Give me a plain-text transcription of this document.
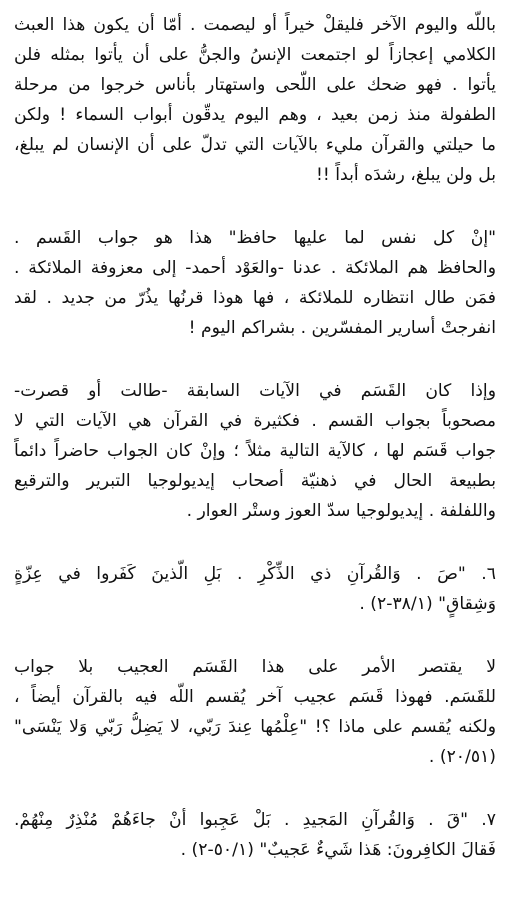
باللّه واليوم الآخر فليقلْ خيراً أو ليصمت . أمّا أن يكون هذا العبث
الكلامي إعجازاً لو اجتمعت الإنسُ والجنُّ على أن يأتوا بمثله فلن
يأتوا . فهو ضحك على اللّحى واستهتار بأناس خرجوا من مرحلة
الطفولة منذ زمن بعيد ، وهم اليوم يدقّون أبواب السماء ! ولكن
ما حيلتي والقرآن مليء بالآيات التي تدلّ على أن الإنسان لم يبلغ،
بل ولن يبلغ، رشدَه أبداً !!
"إنْ كل نفس لما عليها حافظ" هذا هو جواب القَسم .
والحافظ هم الملائكة . عدنا -والعَوْد أحمد- إلى معزوفة الملائكة .
فمَن طال انتظاره للملائكة ، فها هوذا قرنُها يذُرّ من جديد . لقد
انفرجتْ أسارير المفسّرين . بشراكم اليوم !
وإذا كان القَسَم في الآيات السابقة -طالت أو قصرت-
مصحوباً بجواب القسم . فكثيرة في القرآن هي الآيات التي لا
جواب قَسَم لها ، كالآية التالية مثلاً ؛ وإنْ كان الجواب حاضراً دائماً
بطبيعة الحال في ذهنيّة أصحاب إيديولوجيا التبرير والترقيع
واللفلفة . إيديولوجيا سدّ العوز وستْر العوار .
٦. "صَ . وَالقُرآنِ ذي الذِّكْرِ . بَلِ الّذينَ كَفَروا في عِزّةٍ
وَشِقاقٍ" (٣٨/١-٢) .
لا يقتصر الأمر على هذا القَسَم العجيب بلا جواب
للقَسَم. فهوذا قَسَم عجيب آخر يُقسم اللّه فيه بالقرآن أيضاً ،
ولكنه يُقسم على ماذا ؟! "عِلْمُها عِندَ رَبّي، لا يَضِلُّ رَبّي وَلا يَنْسَى"
(٢٠/٥١) .
٧. "قَ . وَالقُرآنِ المَجيدِ . بَلْ عَجِبوا أنْ جاءَهُمْ مُنْذِرٌ مِنْهُمْ.
فَقالَ الكافِرونَ: هَذا شَيءٌ عَجيبٌ" (٥٠/١-٢) .
